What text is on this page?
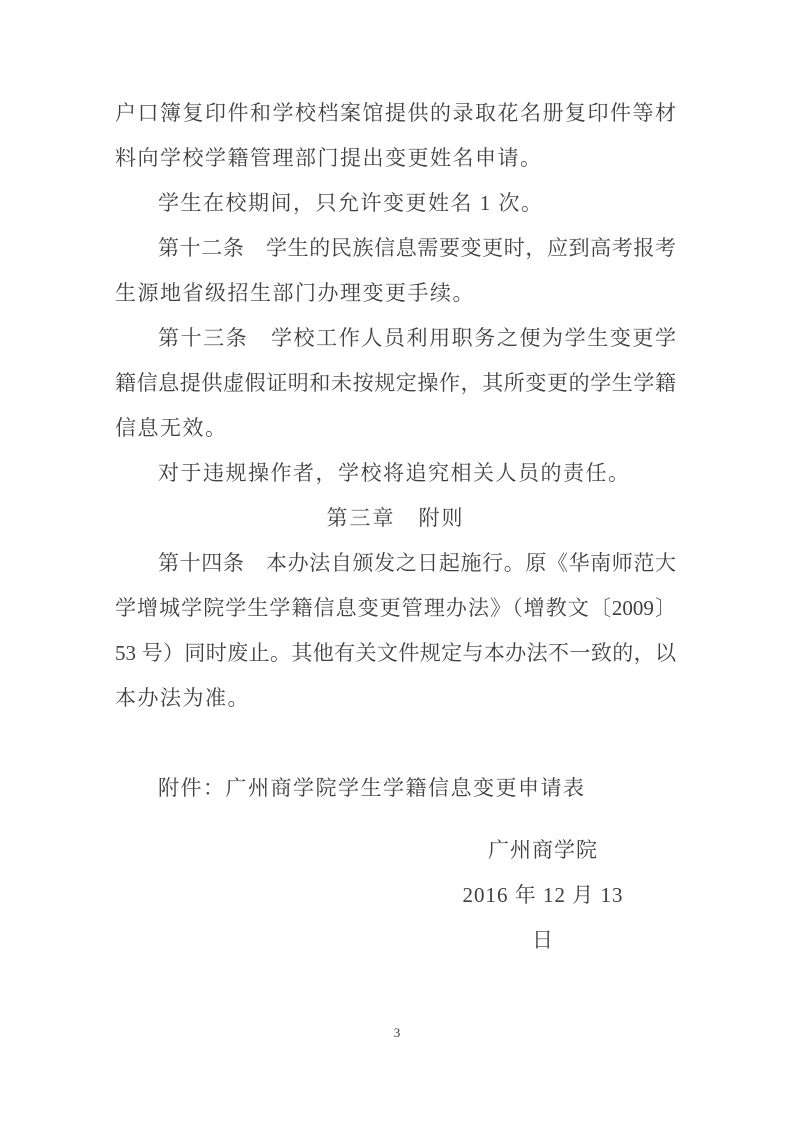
户口簿复印件和学校档案馆提供的录取花名册复印件等材
料向学校学籍管理部门提出变更姓名申请。
学生在校期间，只允许变更姓名 1 次。
第十二条　学生的民族信息需要变更时，应到高考报考
生源地省级招生部门办理变更手续。
第十三条　学校工作人员利用职务之便为学生变更学
籍信息提供虚假证明和未按规定操作，其所变更的学生学籍
信息无效。
对于违规操作者，学校将追究相关人员的责任。
第三章　附则
第十四条　本办法自颁发之日起施行。原《华南师范大
学增城学院学生学籍信息变更管理办法》（增教文〔2009〕
53 号）同时废止。其他有关文件规定与本办法不一致的，以
本办法为准。
附件：广州商学院学生学籍信息变更申请表
广州商学院
2016 年 12 月 13 日
3
